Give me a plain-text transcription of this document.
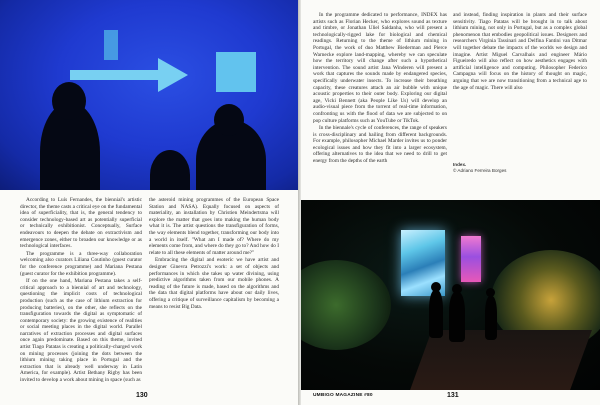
According to Luís Fernandes, the biennial's artistic director, the theme casts a critical eye on the fundamental idea of superficiality, that is, the general tendency to consider technology-based art as potentially superficial or technically exhibitionist. Conceptually, Surface endeavours to deepen the debate on extractivism and emergence zones, either to broaden our knowledge or as technological interfaces.

The programme is a three-way collaboration welcoming also curators Liliana Coutinho (guest curator for the conference programme) and Mariana Pestana (guest curator for the exhibition programme).

If on the one hand, Mariana Pestana takes a self-critical approach to a biennial of art and technology, questioning the implicit costs of technological production (such as the case of lithium extraction for producing batteries), on the other, she reflects on the transfiguration towards the digital as symptomatic of contemporary society: the growing existence of realities or social meeting places in the digital world. Parallel narratives of extraction processes and digital surfaces once again predominate. Based on this theme, invited artist Tiago Patatas is creating a politically-charged work on mining processes (joining the dots between the lithium mining taking place in Portugal and the extraction that is already well underway in Latin America, for example). Artist Bethany Rigby has been invited to develop a work about mining in space (such as

the asteroid mining programmes of the European Space Station and NASA). Equally focused on aspects of materiality, an installation by Christien Meindertsma will explore the matter that goes into making the human body what it is. The artist questions the transfiguration of forms, the way elements blend together, transforming our body into a world in itself. "What am I made of? Where do my elements come from, and where do they go to? And how do I relate to all these elements of matter around me?"

Embracing the digital and esoteric we have artist and designer Ginevra Petrozzi's work: a set of objects and performances in which she takes up water divining, using predictive algorithms taken from our mobile phones. A reading of the future is made, based on the algorithms and the data that digital platforms have about our daily lives, offering a critique of surveillance capitalism by becoming a means to resist Big Data.

130

In the programme dedicated to performance, INDEX has artists such as Florian Hecker, who explores sound as texture and timbre, or Jonathan Uliel Saldanha, who will present a technologically-rigged lake for biological and chemical readings. Returning to the theme of lithium mining in Portugal, the work of duo Matthew Biederman and Pierce Warnecke explore land-mapping, whereby we can speculate how the territory will change after such a hypothetical intervention. The sound artist Jana Winderen will present a work that captures the sounds made by endangered species, specifically underwater insects. To increase their breathing capacity, these creatures attach an air bubble with unique acoustic properties to their outer body. Exploring our digital age, Vicki Bennett (aka People Like Us) will develop an audio-visual piece from the torrent of real-time information, confronting us with the flood of data we are subjected to on pop culture platforms such as YouTube or TikTok.

In the biennale's cycle of conferences, the range of speakers is cross-disciplinary and hailing from different backgrounds. For example, philosopher Michael Marder invites us to ponder ecological issues and how they fit into a larger ecosystem, offering alternatives to the idea that we need to drill to get energy from the depths of the earth

and instead, finding inspiration in plants and their surface sensitivity. Tiago Patatas will be brought in to talk about lithium mining, not only in Portugal, but as a complex global phenomenon that embodies geopolitical issues. Designers and researchers Virginia Tassinari and Delfina Fantini van Ditmar will together debate the impacts of the worlds we design and imagine. Artist Miguel Carvalhais and engineer Mário Figueiredo will also reflect on how aesthetics engages with artificial intelligence and computing. Philosopher Federico Campagna will focus on the history of thought on magic, arguing that we are now transitioning from a technical age to the age of magic. There will also

Index.
© Adriano Ferreira Borges
UMBIGO MAGAZINE #80	131
